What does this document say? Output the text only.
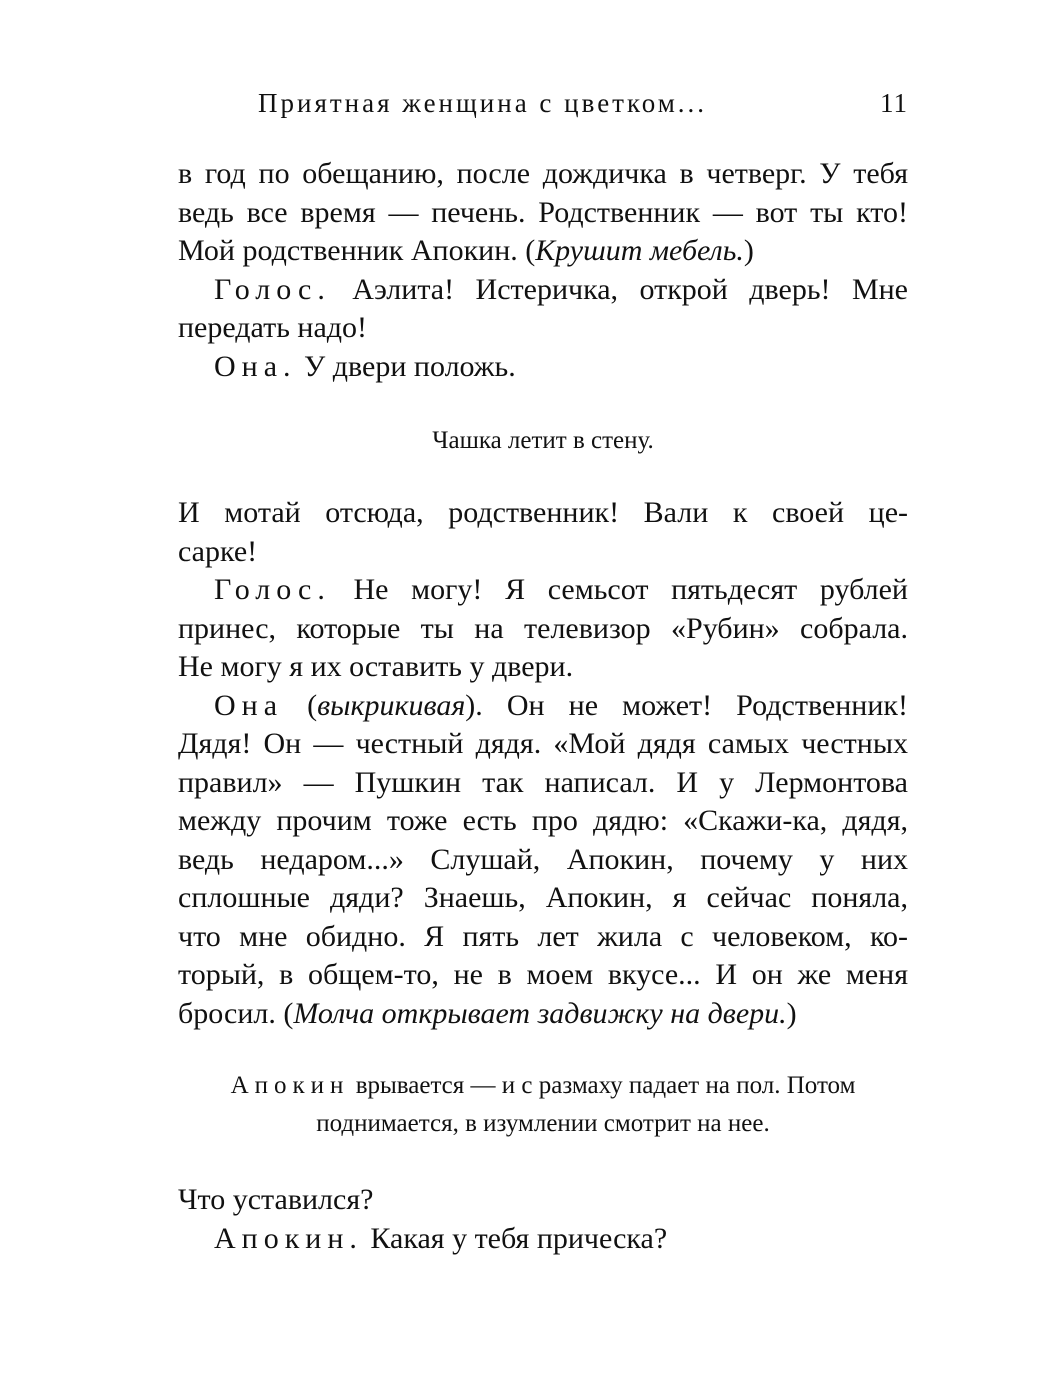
Приятная женщина с цветком...	11
в год по обещанию, после дождичка в четверг. У тебя
ведь все время — печень. Родственник — вот ты кто!
Мой родственник Апокин. (Крушит мебель.)
Голос. Аэлита! Истеричка, открой дверь! Мне
передать надо!
Она. У двери положь.
Чашка летит в стену.
И мотай отсюда, родственник! Вали к своей це-
сарке!
Голос. Не могу! Я семьсот пятьдесят рублей
принес, которые ты на телевизор «Рубин» собрала.
Не могу я их оставить у двери.
Она (выкрикивая). Он не может! Родственник!
Дядя! Он — честный дядя. «Мой дядя самых честных
правил» — Пушкин так написал. И у Лермонтова
между прочим тоже есть про дядю: «Скажи-ка, дядя,
ведь недаром...» Слушай, Апокин, почему у них
сплошные дяди? Знаешь, Апокин, я сейчас поняла,
что мне обидно. Я пять лет жила с человеком, ко-
торый, в общем-то, не в моем вкусе... И он же меня
бросил. (Молча открывает задвижку на двери.)
Апокин врывается — и с размаху падает на пол. Потом
поднимается, в изумлении смотрит на нее.
Что уставился?
Апокин. Какая у тебя прическа?
